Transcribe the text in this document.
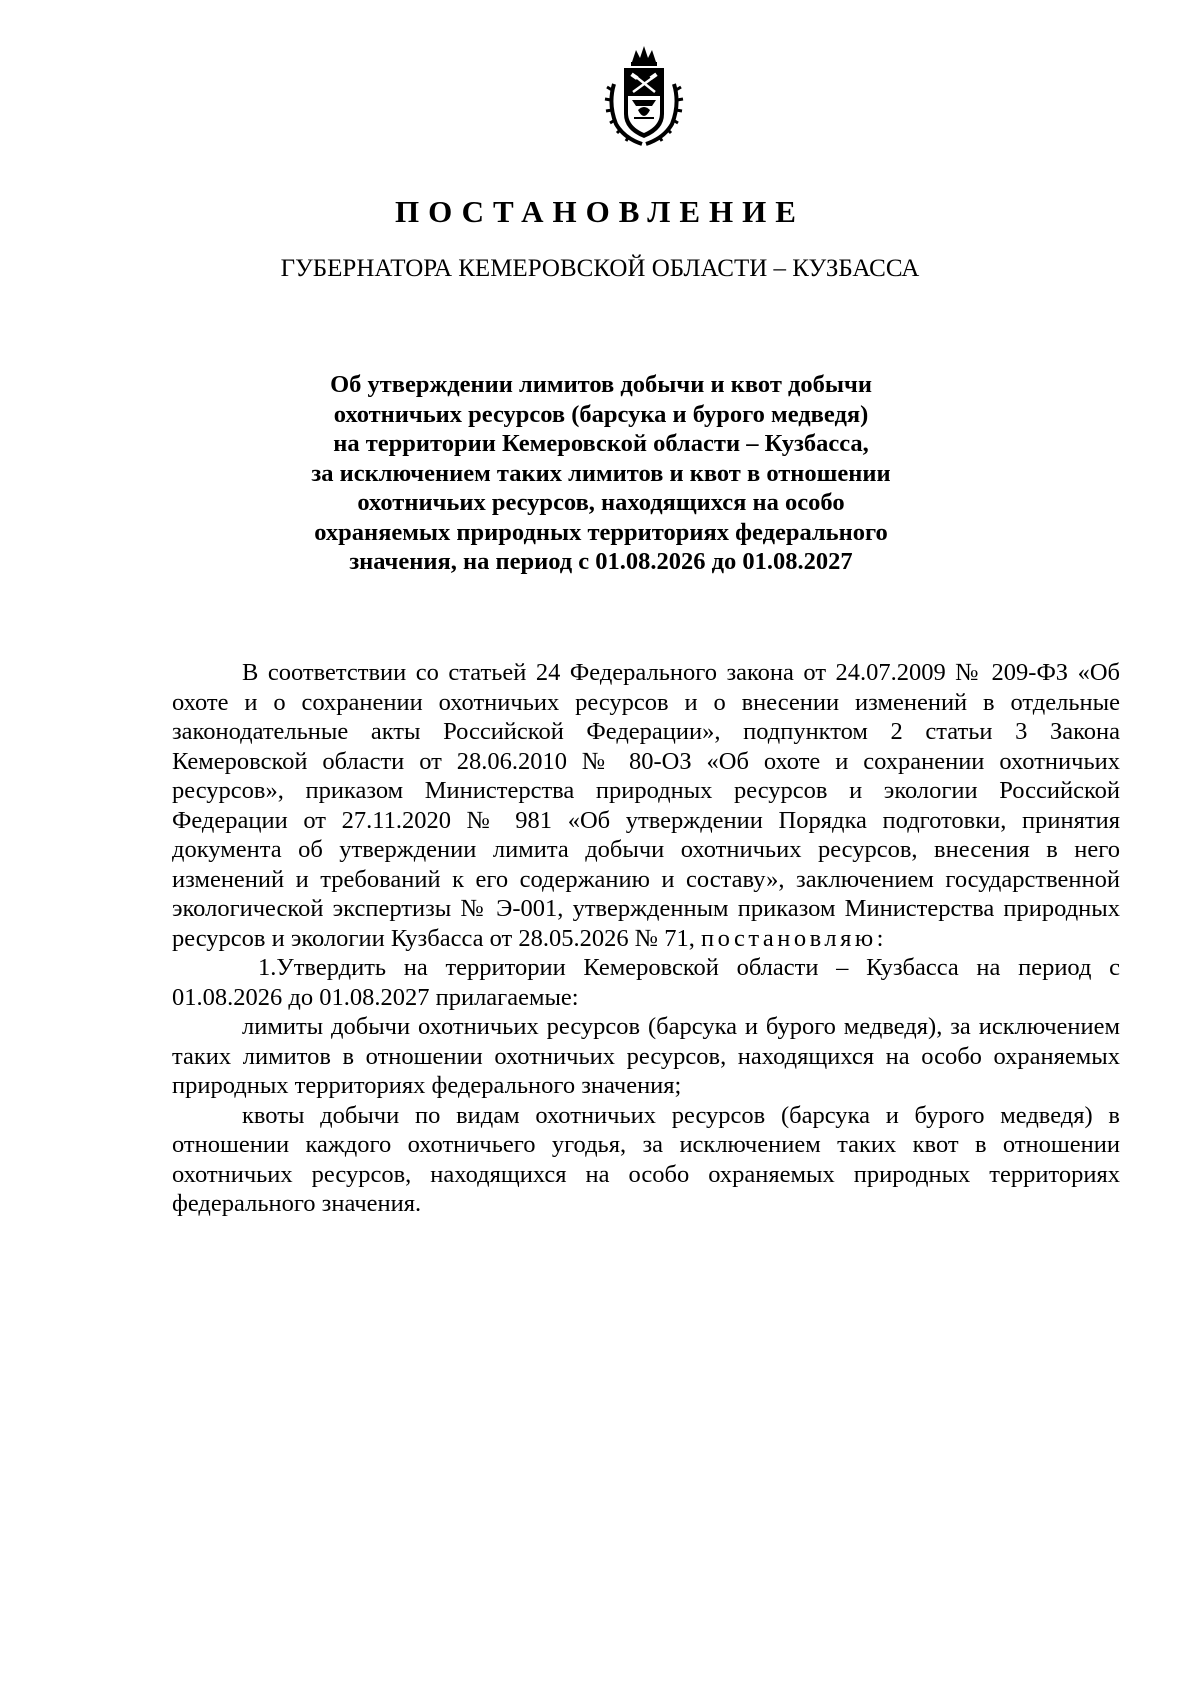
ПОСТАНОВЛЕНИЕ
ГУБЕРНАТОРА КЕМЕРОВСКОЙ ОБЛАСТИ – КУЗБАССА
Об утверждении лимитов добычи и квот добычи
охотничьих ресурсов (барсука и бурого медведя)
на территории Кемеровской области – Кузбасса,
за исключением таких лимитов и квот в отношении
охотничьих ресурсов, находящихся на особо
охраняемых природных территориях федерального
значения, на период с 01.08.2026 до 01.08.2027

В соответствии со статьей 24 Федерального закона от 24.07.2009 № 209-ФЗ «Об охоте и о сохранении охотничьих ресурсов и о внесении изменений в отдельные законодательные акты Российской Федерации», подпунктом 2 статьи 3 Закона Кемеровской области от 28.06.2010 № 80-ОЗ «Об охоте и сохранении охотничьих ресурсов», приказом Министерства природных ресурсов и экологии Российской Федерации от 27.11.2020 № 981 «Об утверждении Порядка подготовки, принятия документа об утверждении лимита добычи охотничьих ресурсов, внесения в него изменений и требований к его содержанию и составу», заключением государственной экологической экспертизы № Э-001, утвержденным приказом Министерства природных ресурсов и экологии Кузбасса от 28.05.2026 № 71, постановляю:

1.Утвердить на территории Кемеровской области – Кузбасса на период с 01.08.2026 до 01.08.2027 прилагаемые:

лимиты добычи охотничьих ресурсов (барсука и бурого медведя), за исключением таких лимитов в отношении охотничьих ресурсов, находящихся на особо охраняемых природных территориях федерального значения;

квоты добычи по видам охотничьих ресурсов (барсука и бурого медведя) в отношении каждого охотничьего угодья, за исключением таких квот в отношении охотничьих ресурсов, находящихся на особо охраняемых природных территориях федерального значения.
